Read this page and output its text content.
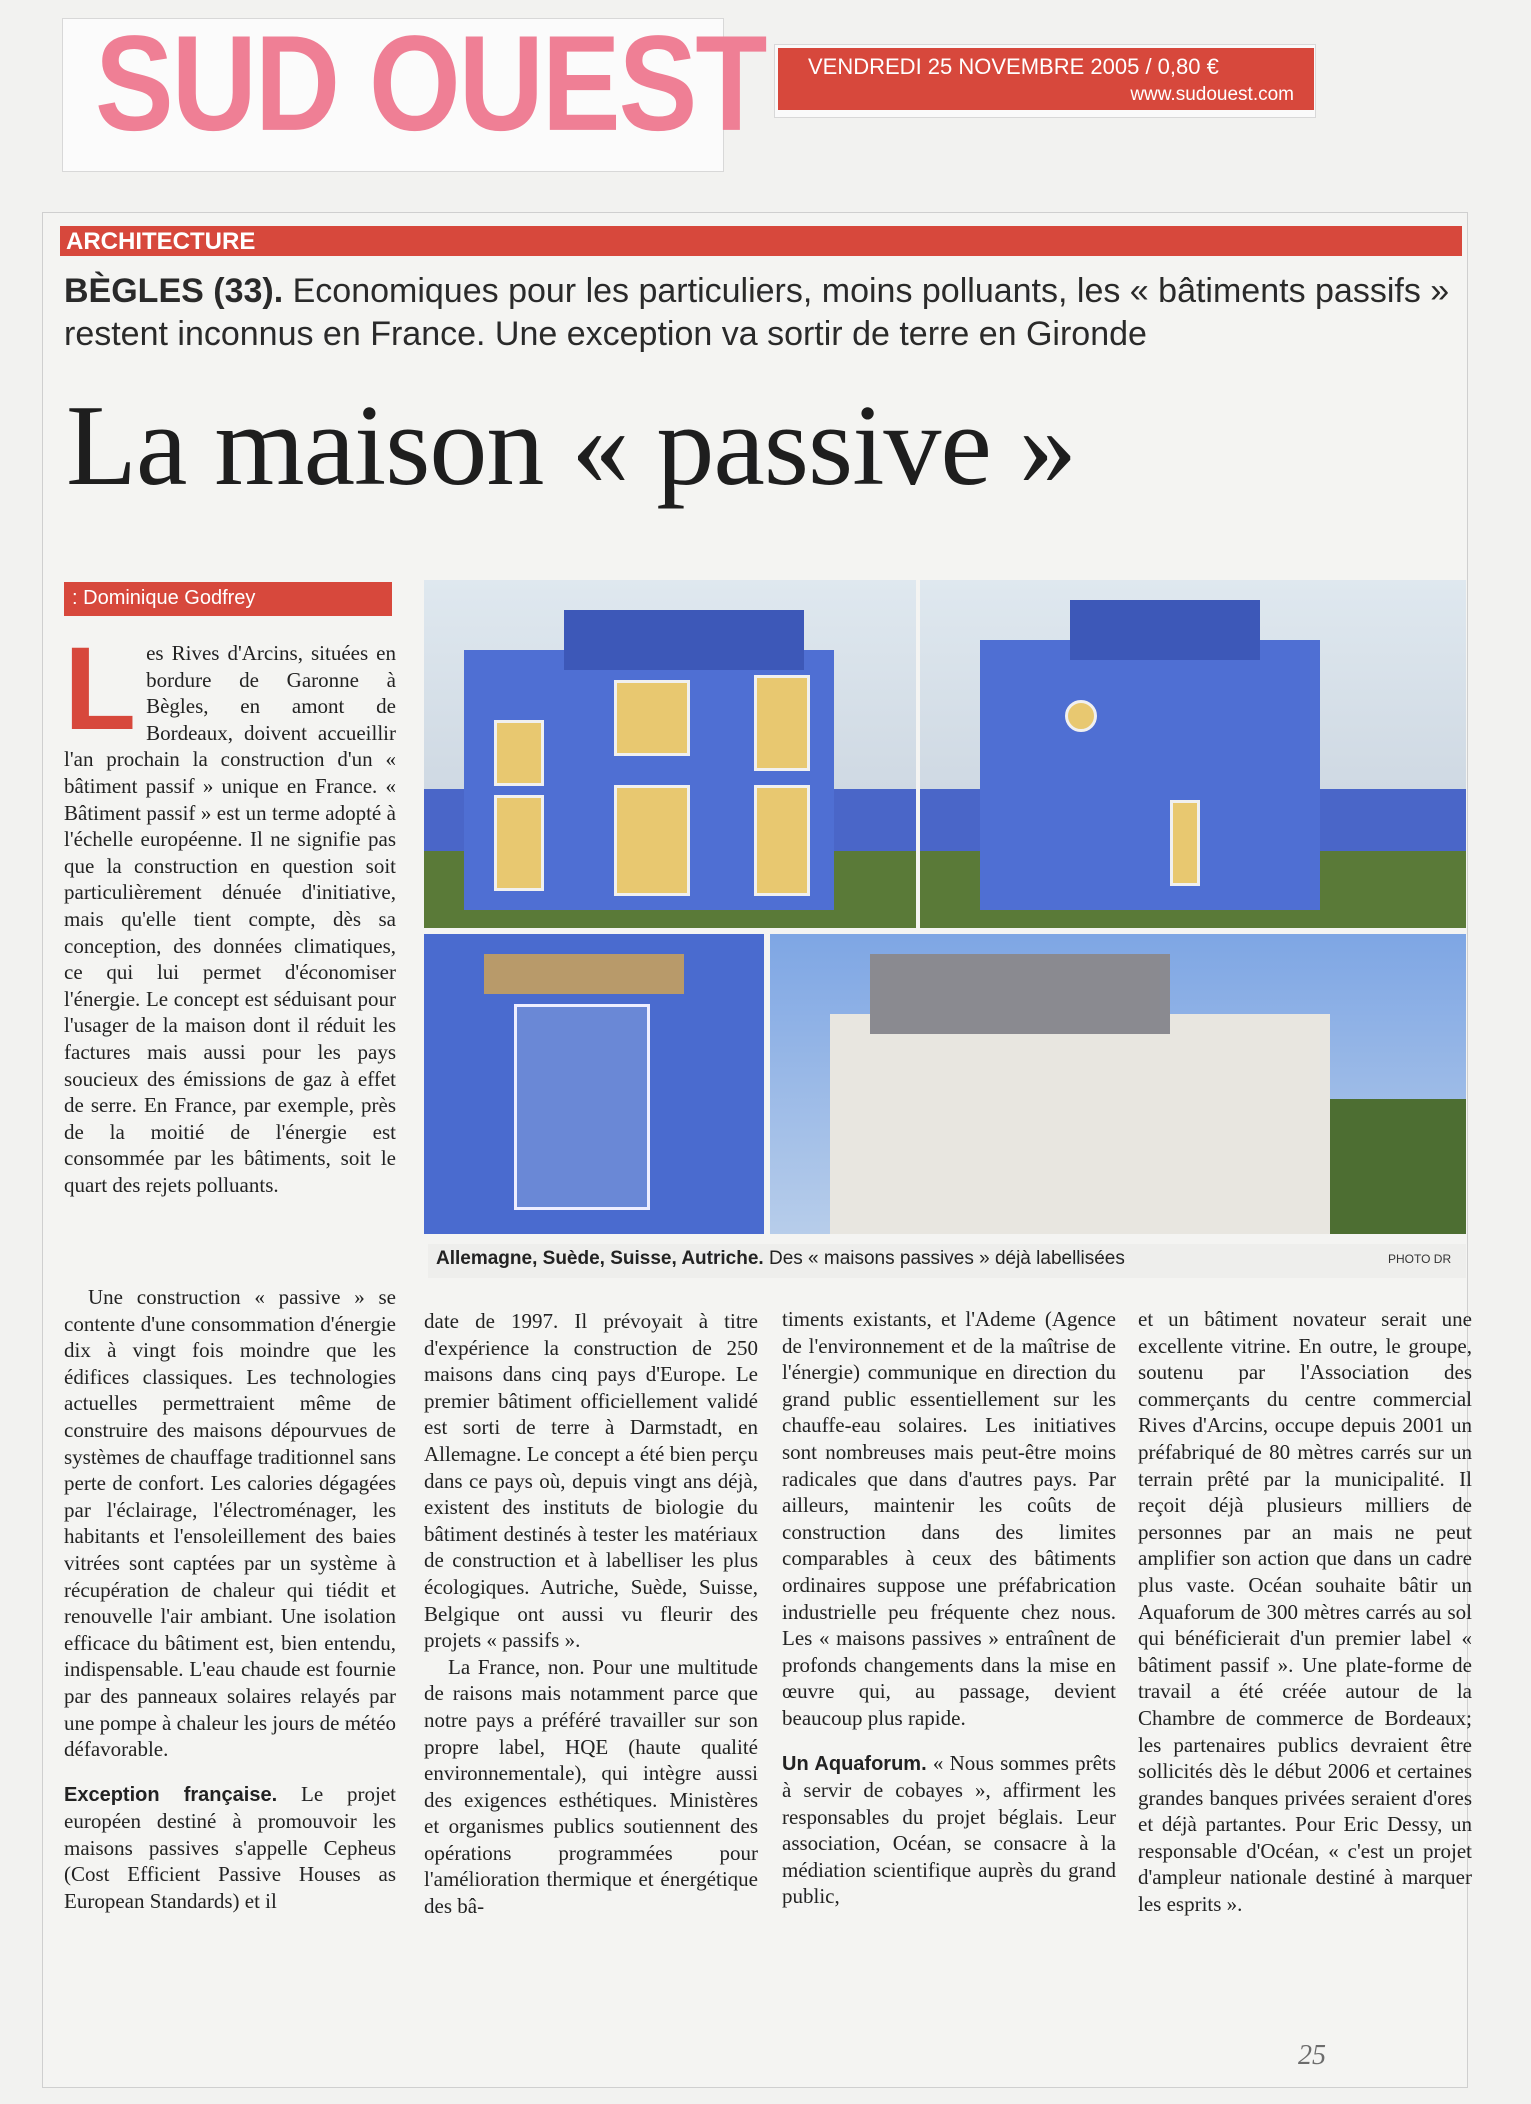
SUD OUEST VENDREDI 25 NOVEMBRE 2005 / 0,80 €
www.sudouest.com
ARCHITECTURE
BÈGLES (33). Economiques pour les particuliers, moins polluants, les « bâtiments passifs » restent inconnus en France. Une exception va sortir de terre en Gironde
La maison « passive »
: Dominique Godfrey
Allemagne, Suède, Suisse, Autriche. Des « maisons passives » déjà labellisées	PHOTO DR
L es Rives d'Arcins, situées en bordure de Garonne à Bègles, en amont de Bordeaux, doivent accueillir l'an prochain la construction d'un « bâtiment passif » unique en France. « Bâtiment passif » est un terme adopté à l'échelle européenne. Il ne signifie pas que la construction en question soit particulièrement dénuée d'initiative, mais qu'elle tient compte, dès sa conception, des données climatiques, ce qui lui permet d'économiser l'énergie. Le concept est séduisant pour l'usager de la maison dont il réduit les factures mais aussi pour les pays soucieux des émissions de gaz à effet de serre. En France, par exemple, près de la moitié de l'énergie est consommée par les bâtiments, soit le quart des rejets polluants.

Une construction « passive » se contente d'une consommation d'énergie dix à vingt fois moindre que les édifices classiques. Les technologies actuelles permettraient même de construire des maisons dépourvues de systèmes de chauffage traditionnel sans perte de confort. Les calories dégagées par l'éclairage, l'électroménager, les habitants et l'ensoleillement des baies vitrées sont captées par un système à récupération de chaleur qui tiédit et renouvelle l'air ambiant. Une isolation efficace du bâtiment est, bien entendu, indispensable. L'eau chaude est fournie par des panneaux solaires relayés par une pompe à chaleur les jours de météo défavorable.

Exception française. Le projet européen destiné à promouvoir les maisons passives s'appelle Cepheus (Cost Efficient Passive Houses as European Standards) et il

date de 1997. Il prévoyait à titre d'expérience la construction de 250 maisons dans cinq pays d'Europe. Le premier bâtiment officiellement validé est sorti de terre à Darmstadt, en Allemagne. Le concept a été bien perçu dans ce pays où, depuis vingt ans déjà, existent des instituts de biologie du bâtiment destinés à tester les matériaux de construction et à labelliser les plus écologiques. Autriche, Suède, Suisse, Belgique ont aussi vu fleurir des projets « passifs ».

La France, non. Pour une multitude de raisons mais notamment parce que notre pays a préféré travailler sur son propre label, HQE (haute qualité environnementale), qui intègre aussi des exigences esthétiques. Ministères et organismes publics soutiennent des opérations programmées pour l'amélioration thermique et énergétique des bâ-

timents existants, et l'Ademe (Agence de l'environnement et de la maîtrise de l'énergie) communique en direction du grand public essentiellement sur les chauffe-eau solaires. Les initiatives sont nombreuses mais peut-être moins radicales que dans d'autres pays. Par ailleurs, maintenir les coûts de construction dans des limites comparables à ceux des bâtiments ordinaires suppose une préfabrication industrielle peu fréquente chez nous. Les « maisons passives » entraînent de profonds changements dans la mise en œuvre qui, au passage, devient beaucoup plus rapide.

Un Aquaforum. « Nous sommes prêts à servir de cobayes », affirment les responsables du projet béglais. Leur association, Océan, se consacre à la médiation scientifique auprès du grand public,

et un bâtiment novateur serait une excellente vitrine. En outre, le groupe, soutenu par l'Association des commerçants du centre commercial Rives d'Arcins, occupe depuis 2001 un préfabriqué de 80 mètres carrés sur un terrain prêté par la municipalité. Il reçoit déjà plusieurs milliers de personnes par an mais ne peut amplifier son action que dans un cadre plus vaste. Océan souhaite bâtir un Aquaforum de 300 mètres carrés au sol qui bénéficierait d'un premier label « bâtiment passif ». Une plate-forme de travail a été créée autour de la Chambre de commerce de Bordeaux; les partenaires publics devraient être sollicités dès le début 2006 et certaines grandes banques privées seraient d'ores et déjà partantes. Pour Eric Dessy, un responsable d'Océan, « c'est un projet d'ampleur nationale destiné à marquer les esprits ».

25
